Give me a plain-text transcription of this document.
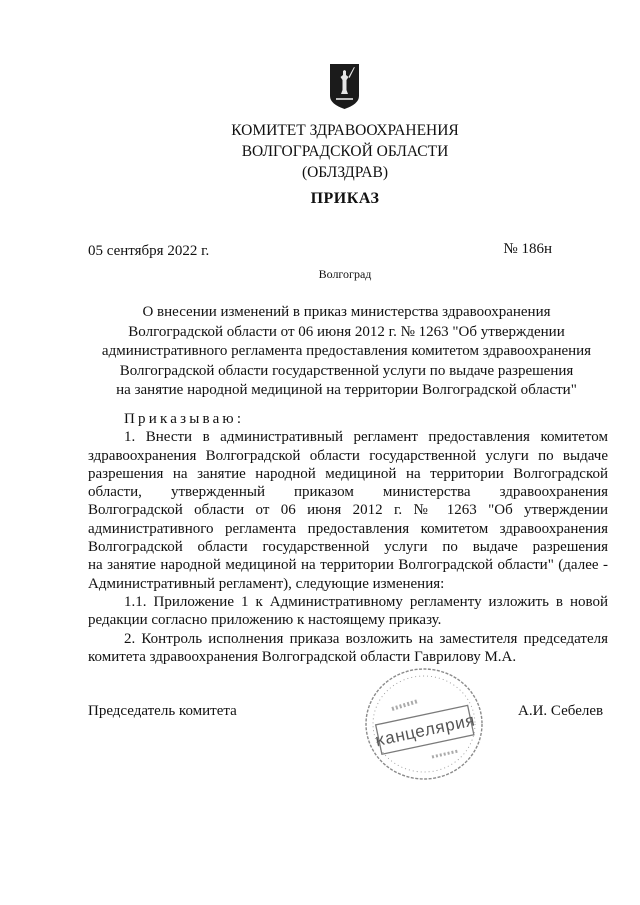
КОМИТЕТ ЗДРАВООХРАНЕНИЯ
ВОЛГОГРАДСКОЙ ОБЛАСТИ
(ОБЛЗДРАВ)
ПРИКАЗ
05 сентября 2022 г.	№ 186н
Волгоград
О внесении изменений в приказ министерства здравоохранения
Волгоградской области от 06 июня 2012 г. № 1263 "Об утверждении
административного регламента предоставления комитетом здравоохранения
Волгоградской области государственной услуги по выдаче разрешения
на занятие народной медициной на территории Волгоградской области"
Приказываю:
1. Внести в административный регламент предоставления комитетом
здравоохранения Волгоградской области государственной услуги по выдаче
разрешения на занятие народной медициной на территории Волгоградской
области, утвержденный приказом министерства здравоохранения
Волгоградской области от 06 июня 2012 г. № 1263 "Об утверждении
административного регламента предоставления комитетом здравоохранения
Волгоградской области государственной услуги по выдаче разрешения
на занятие народной медициной на территории Волгоградской области" (далее -
Административный регламент), следующие изменения:
1.1. Приложение 1 к Административному регламенту изложить в новой
редакции согласно приложению к настоящему приказу.
2. Контроль исполнения приказа возложить на заместителя председателя
комитета здравоохранения Волгоградской области Гаврилову М.А.
канцелярия
Председатель комитета	А.И. Себелев
